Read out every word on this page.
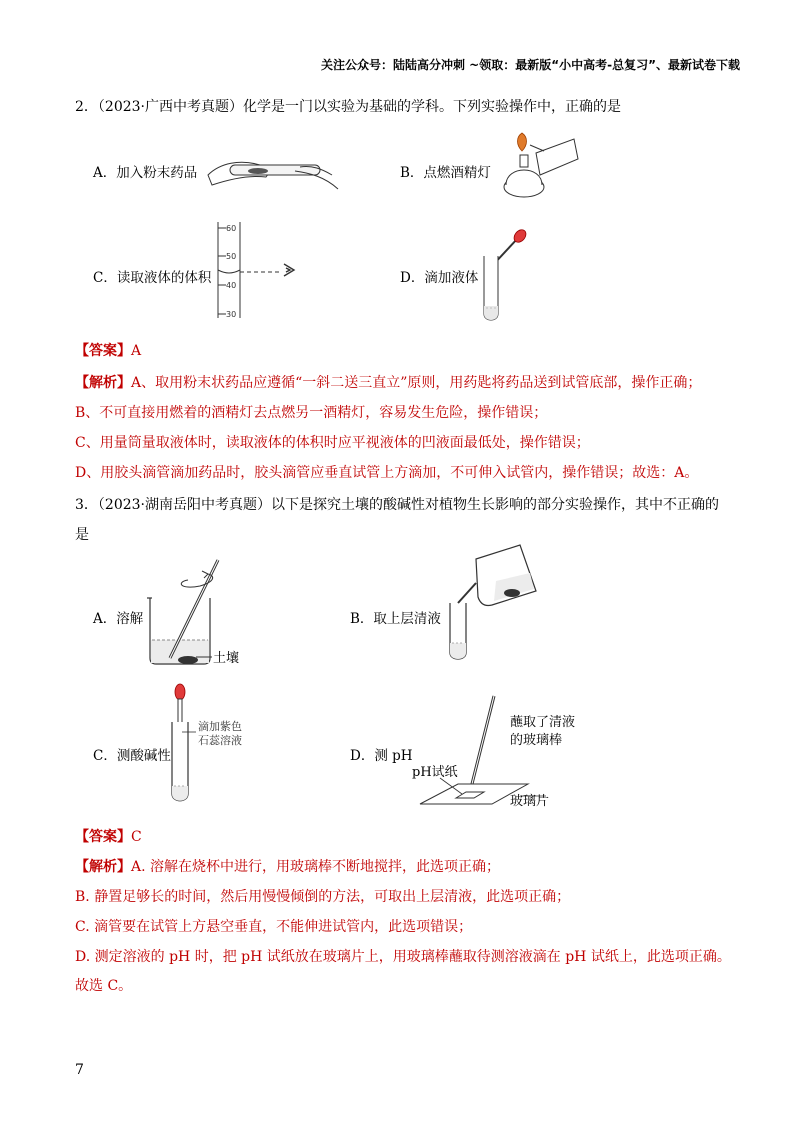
关注公众号：陆陆高分冲刺 ~领取：最新版“小中高考-总复习”、最新试卷下载
2．（2023·广西中考真题）化学是一门以实验为基础的学科。下列实验操作中，正确的是
A．加入粉末药品	B．点燃酒精灯
C．读取液体的体积
60
50
40
30
D．滴加液体
【答案】A
【解析】A、取用粉末状药品应遵循“一斜二送三直立”原则，用药匙将药品送到试管底部，操作正确；
B、不可直接用燃着的酒精灯去点燃另一酒精灯，容易发生危险，操作错误；
C、用量筒量取液体时，读取液体的体积时应平视液体的凹液面最低处，操作错误；
D、用胶头滴管滴加药品时，胶头滴管应垂直试管上方滴加，不可伸入试管内，操作错误；故选：A。
3．（2023·湖南岳阳中考真题）以下是探究土壤的酸碱性对植物生长影响的部分实验操作，其中不正确的是
A．溶解
土壤
B．取上层清液
C．测酸碱性
滴加紫色
石蕊溶液
D．测 pH
蘸取了清液
的玻璃棒
pH试纸
玻璃片
【答案】C
【解析】A. 溶解在烧杯中进行，用玻璃棒不断地搅拌，此选项正确；
B. 静置足够长的时间，然后用慢慢倾倒的方法，可取出上层清液，此选项正确；
C. 滴管要在试管上方悬空垂直，不能伸进试管内，此选项错误；
D. 测定溶液的 pH 时，把 pH 试纸放在玻璃片上，用玻璃棒蘸取待测溶液滴在 pH 试纸上，此选项正确。
故选 C。
7
